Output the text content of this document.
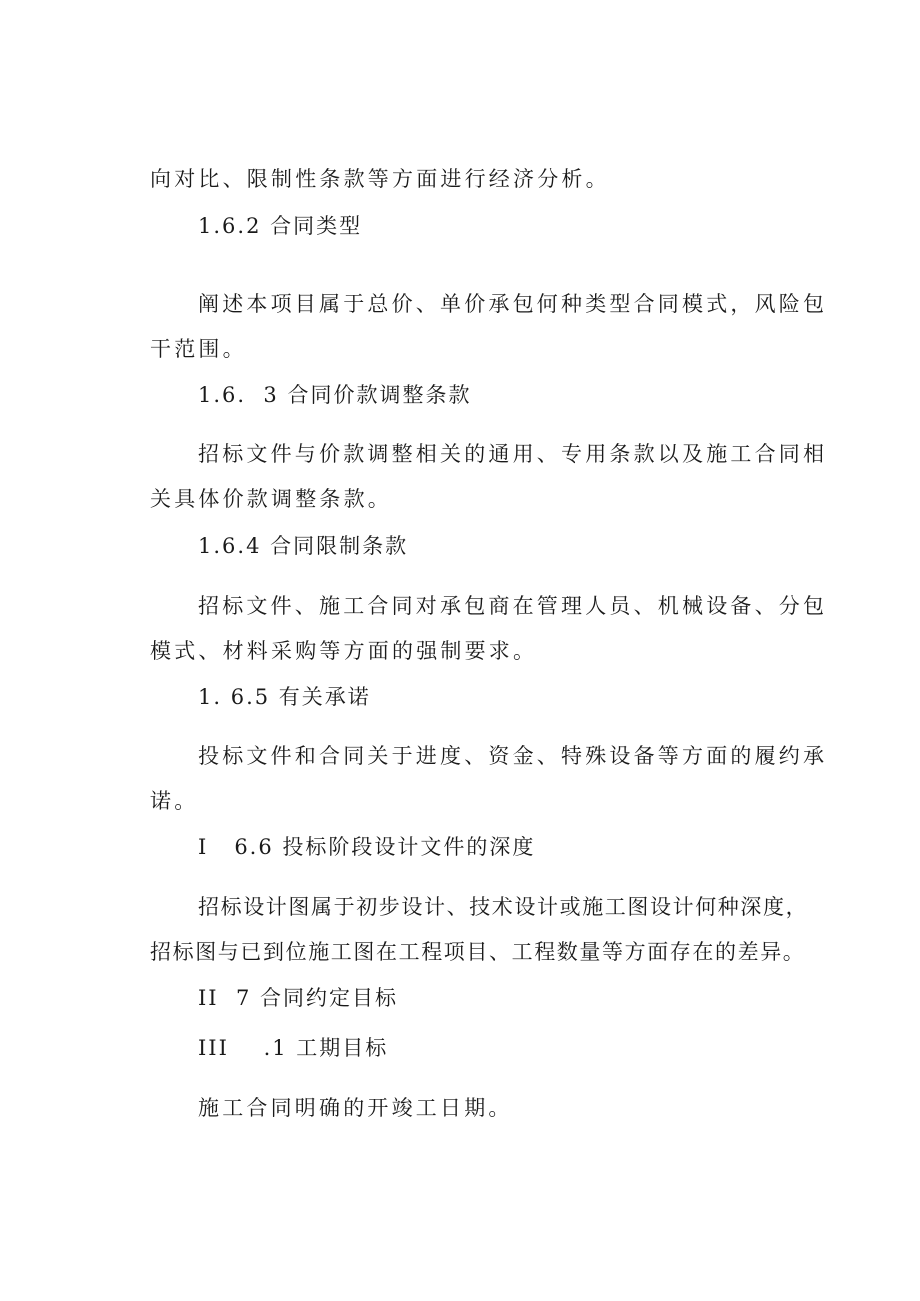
向对比、限制性条款等方面进行经济分析。
1.6.2 合同类型
阐述本项目属于总价、单价承包何种类型合同模式，风险包
干范围。
1.6.  3 合同价款调整条款
招标文件与价款调整相关的通用、专用条款以及施工合同相
关具体价款调整条款。
1.6.4 合同限制条款
招标文件、施工合同对承包商在管理人员、机械设备、分包
模式、材料采购等方面的强制要求。
1. 6.5 有关承诺
投标文件和合同关于进度、资金、特殊设备等方面的履约承
诺。
I   6.6 投标阶段设计文件的深度
招标设计图属于初步设计、技术设计或施工图设计何种深度，
招标图与已到位施工图在工程项目、工程数量等方面存在的差异。
II  7 合同约定目标
III    .1 工期目标
施工合同明确的开竣工日期。
